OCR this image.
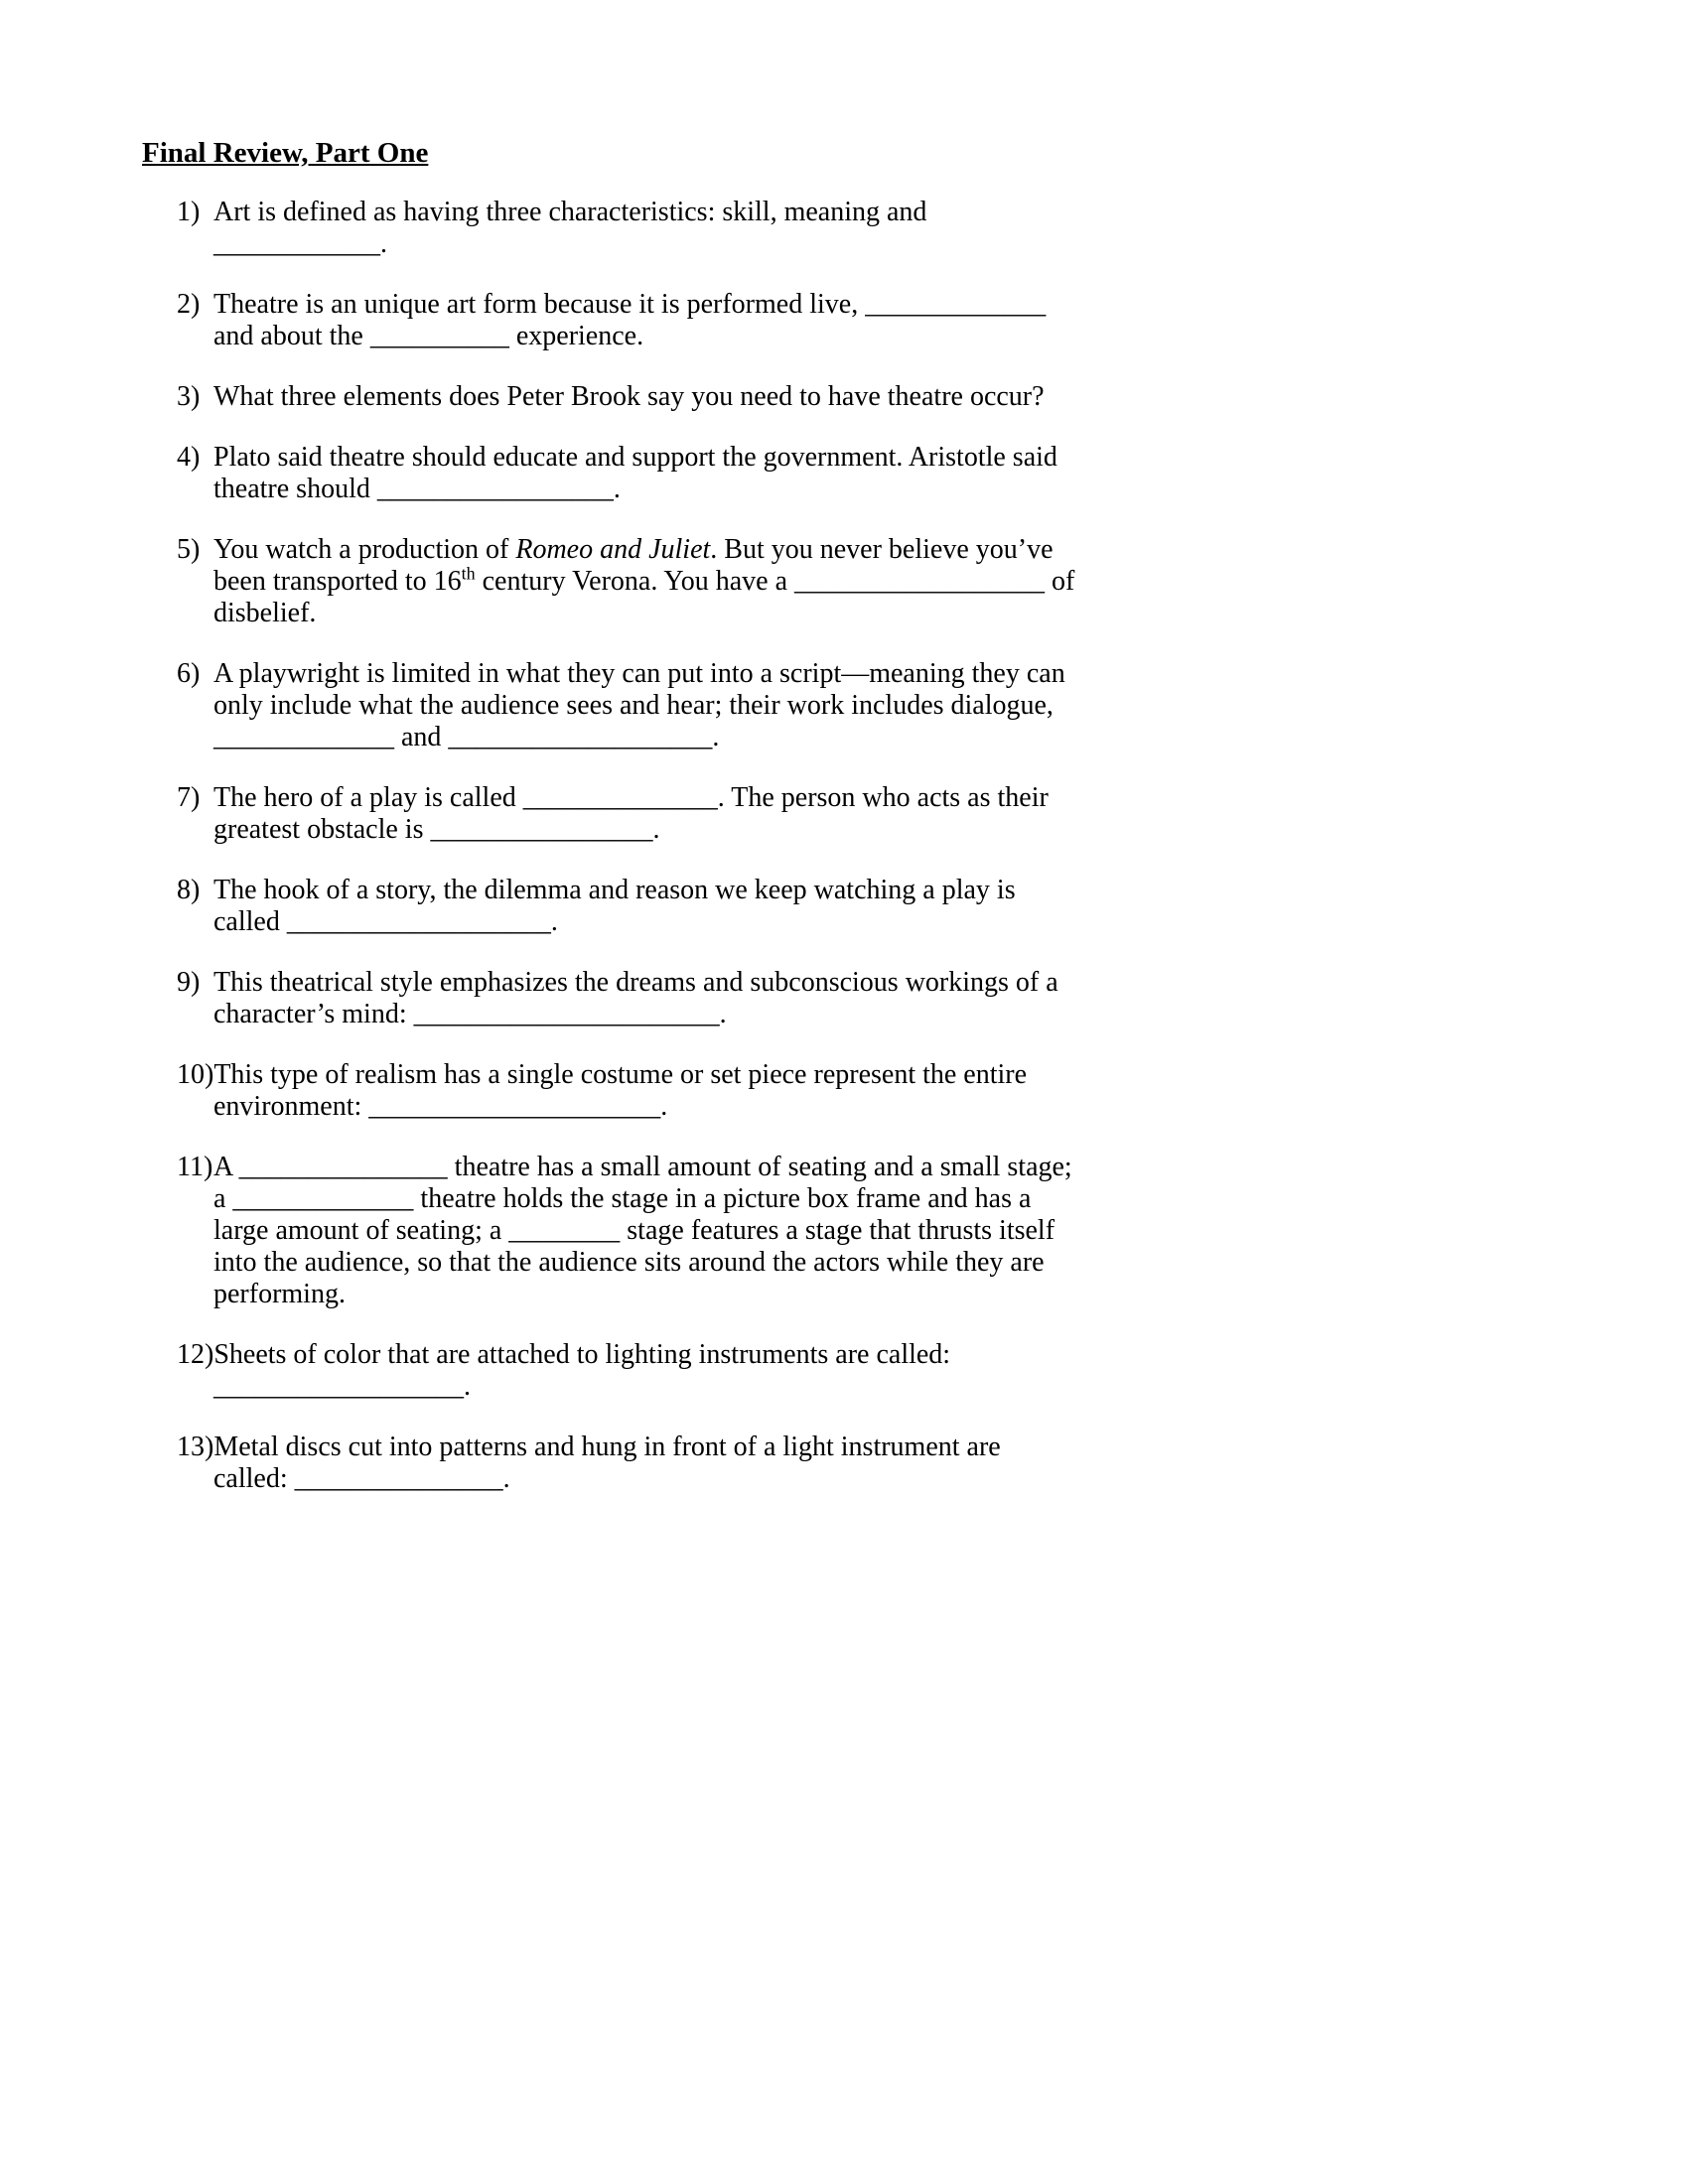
Final Review, Part One
1) Art is defined as having three characteristics: skill, meaning and ____________.
2) Theatre is an unique art form because it is performed live, _____________ and about the __________ experience.
3) What three elements does Peter Brook say you need to have theatre occur?
4) Plato said theatre should educate and support the government. Aristotle said theatre should _________________.
5) You watch a production of Romeo and Juliet. But you never believe you’ve been transported to 16th century Verona. You have a __________________ of disbelief.
6) A playwright is limited in what they can put into a script—meaning they can only include what the audience sees and hear; their work includes dialogue, _____________ and ___________________.
7) The hero of a play is called ______________. The person who acts as their greatest obstacle is ________________.
8) The hook of a story, the dilemma and reason we keep watching a play is called ___________________.
9) This theatrical style emphasizes the dreams and subconscious workings of a character’s mind: ______________________.
10)This type of realism has a single costume or set piece represent the entire environment: _____________________.
11)A _______________ theatre has a small amount of seating and a small stage; a _____________ theatre holds the stage in a picture box frame and has a large amount of seating; a ________ stage features a stage that thrusts itself into the audience, so that the audience sits around the actors while they are performing.
12)Sheets of color that are attached to lighting instruments are called: __________________.
13)Metal discs cut into patterns and hung in front of a light instrument are called: _______________.
